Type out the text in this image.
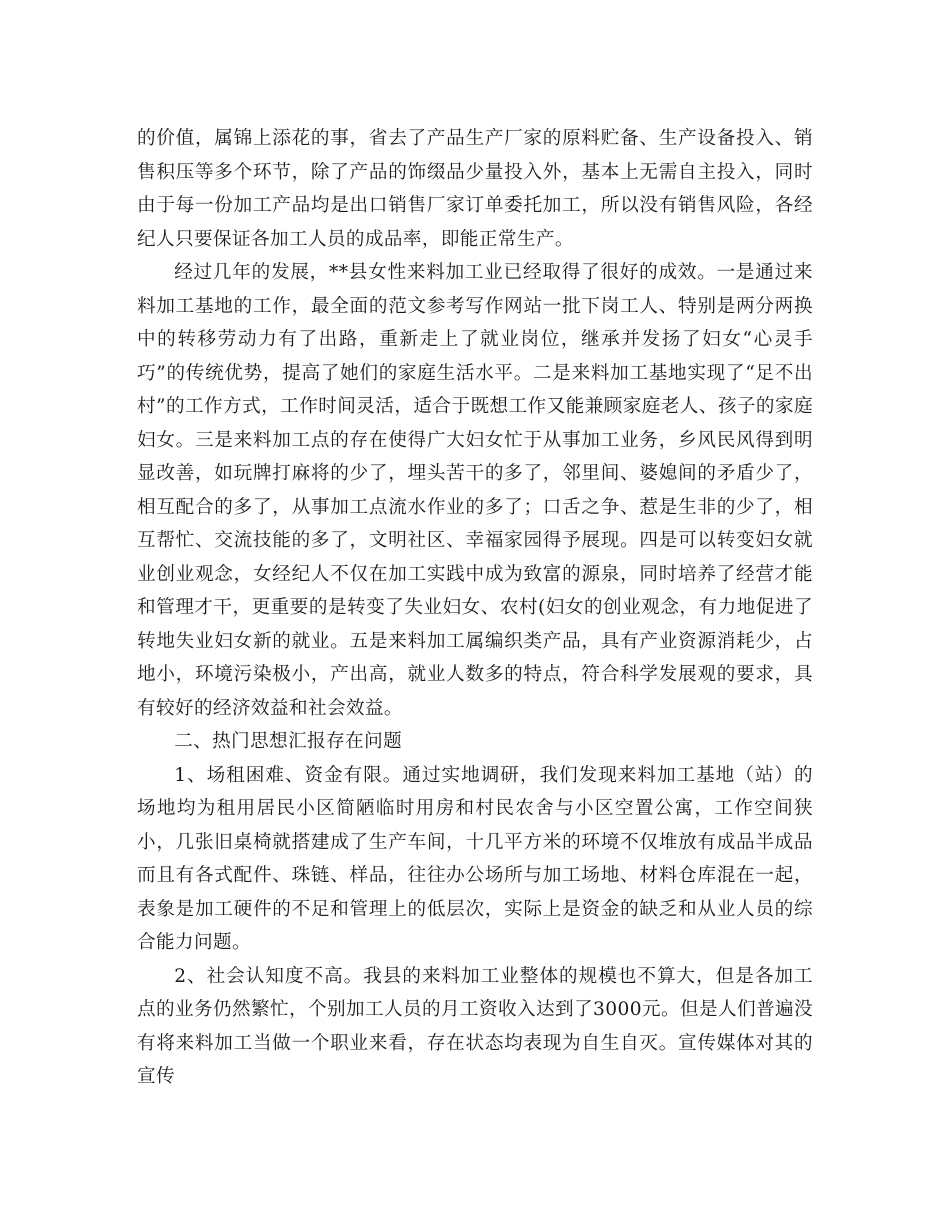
的价值，属锦上添花的事，省去了产品生产厂家的原料贮备、生产设备投入、销售积压等多个环节，除了产品的饰缀品少量投入外，基本上无需自主投入，同时由于每一份加工产品均是出口销售厂家订单委托加工，所以没有销售风险，各经纪人只要保证各加工人员的成品率，即能正常生产。

经过几年的发展，**县女性来料加工业已经取得了很好的成效。一是通过来料加工基地的工作，最全面的范文参考写作网站一批下岗工人、特别是两分两换中的转移劳动力有了出路，重新走上了就业岗位，继承并发扬了妇女“心灵手巧”的传统优势，提高了她们的家庭生活水平。二是来料加工基地实现了“足不出村”的工作方式，工作时间灵活，适合于既想工作又能兼顾家庭老人、孩子的家庭妇女。三是来料加工点的存在使得广大妇女忙于从事加工业务，乡风民风得到明显改善，如玩牌打麻将的少了，埋头苦干的多了，邻里间、婆媳间的矛盾少了，相互配合的多了，从事加工点流水作业的多了；口舌之争、惹是生非的少了，相互帮忙、交流技能的多了，文明社区、幸福家园得予展现。四是可以转变妇女就业创业观念，女经纪人不仅在加工实践中成为致富的源泉，同时培养了经营才能和管理才干，更重要的是转变了失业妇女、农村(妇女的创业观念，有力地促进了转地失业妇女新的就业。五是来料加工属编织类产品，具有产业资源消耗少，占地小，环境污染极小，产出高，就业人数多的特点，符合科学发展观的要求，具有较好的经济效益和社会效益。

二、热门思想汇报存在问题

1、场租困难、资金有限。通过实地调研，我们发现来料加工基地（站）的场地均为租用居民小区简陋临时用房和村民农舍与小区空置公寓，工作空间狭小，几张旧桌椅就搭建成了生产车间，十几平方米的环境不仅堆放有成品半成品而且有各式配件、珠链、样品，往往办公场所与加工场地、材料仓库混在一起，表象是加工硬件的不足和管理上的低层次，实际上是资金的缺乏和从业人员的综合能力问题。

2、社会认知度不高。我县的来料加工业整体的规模也不算大，但是各加工点的业务仍然繁忙，个别加工人员的月工资收入达到了3000元。但是人们普遍没有将来料加工当做一个职业来看，存在状态均表现为自生自灭。宣传媒体对其的宣传
